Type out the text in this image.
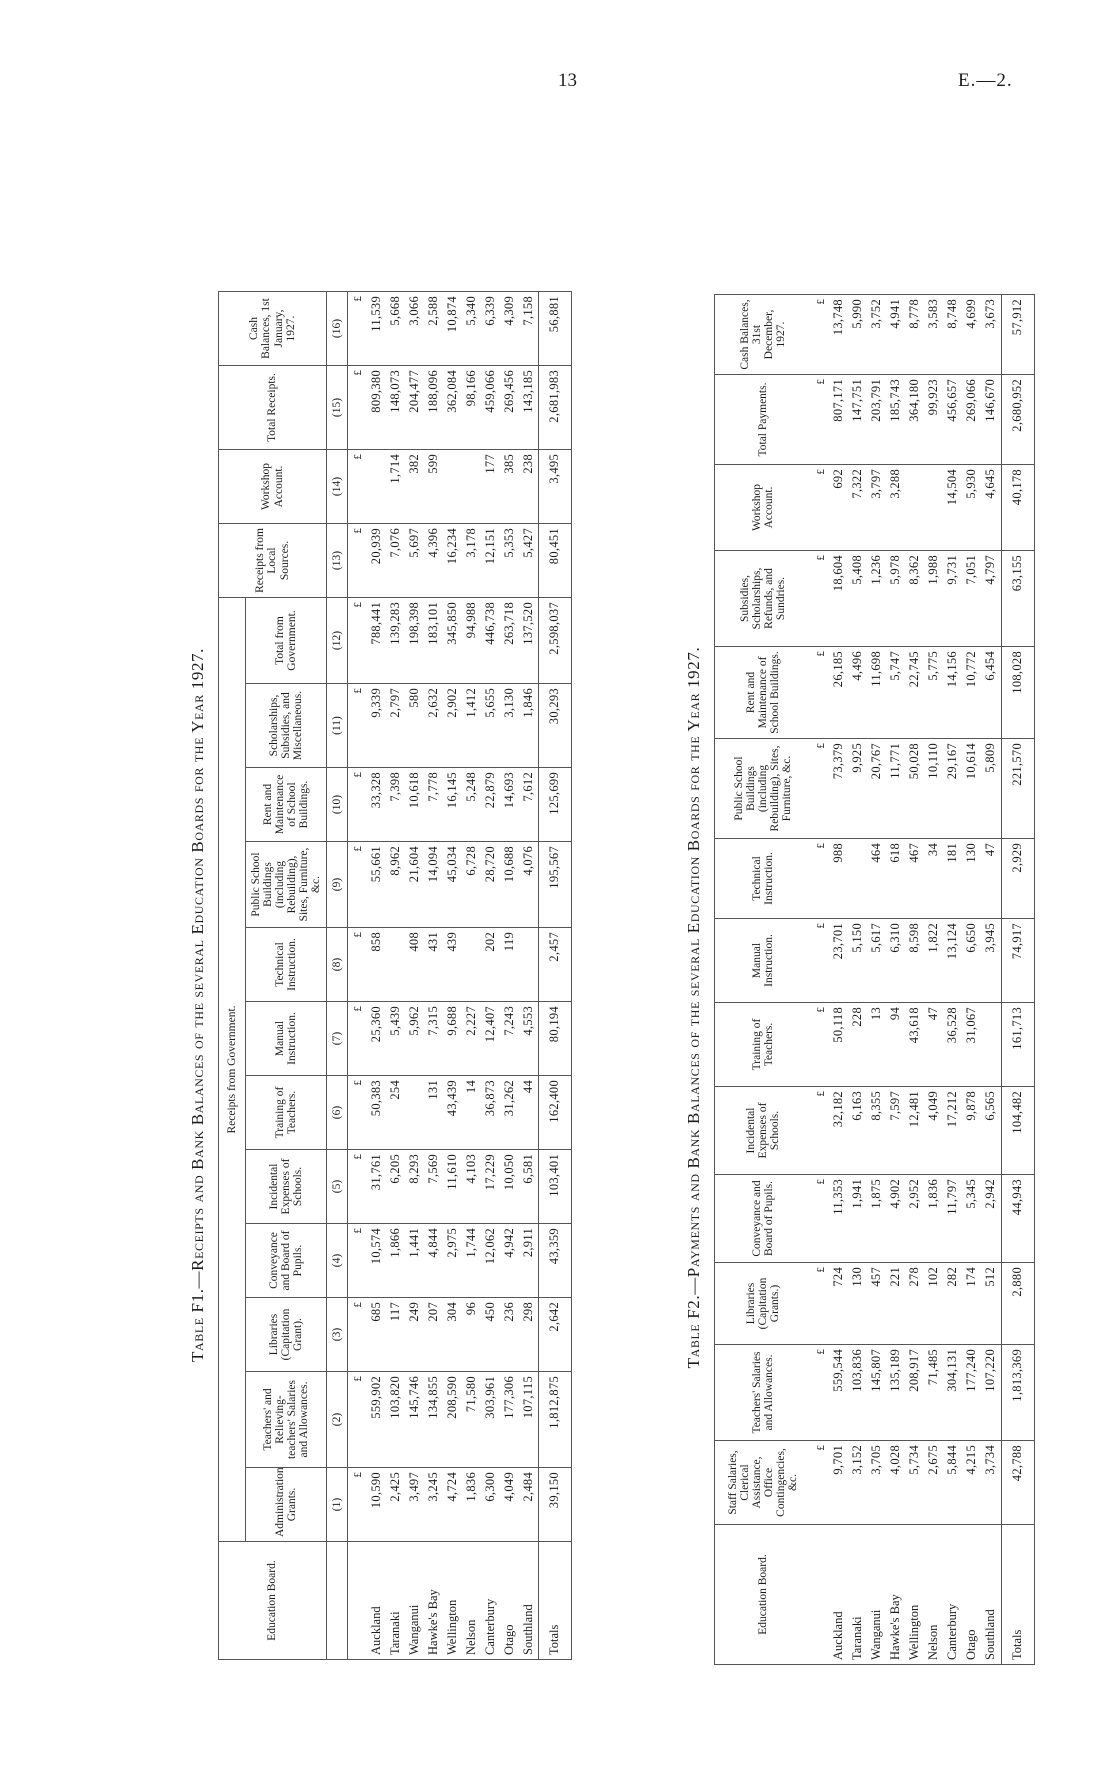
13	E.—2.
Table F1.—Receipts and Bank Balances of the several Education Boards for the Year 1927.
Education Board.	Receipts from Government.												Receipts from Local Sources.	Workshop Account.	Total Receipts.	Cash Balances, 1st January, 1927.
	Administration Grants.	Teachers' and Relieving-teachers' Salaries and Allowances.	Libraries (Capitation Grant).	Conveyance and Board of Pupils.	Incidental Expenses of Schools.	Training of Teachers.	Manual Instruction.	Technical Instruction.	Public School Buildings (including Rebuilding), Sites, Furniture, &c.	Rent and Maintenance of School Buildings.	Scholarships, Subsidies, and Miscellaneous.	Total from Government.				
	(1)	(2)	(3)	(4)	(5)	(6)	(7)	(8)	(9)	(10)	(11)	(12)	(13)	(14)	(15)	(16)
	£	£	£	£	£	£	£	£	£	£	£	£	£	£	£	£
Auckland	10,590	559,902	685	10,574	31,761	50,383	25,360	858	55,661	33,328	9,339	788,441	20,939		809,380	11,539
Taranaki	2,425	103,820	117	1,866	6,205	254	5,439		8,962	7,398	2,797	139,283	7,076	1,714	148,073	5,668
Wanganui	3,497	145,746	249	1,441	8,293		5,962	408	21,604	10,618	580	198,398	5,697	382	204,477	3,066
Hawke's Bay	3,245	134,855	207	4,844	7,569	131	7,315	431	14,094	7,778	2,632	183,101	4,396	599	188,096	2,588
Wellington	4,724	208,590	304	2,975	11,610	43,439	9,688	439	45,034	16,145	2,902	345,850	16,234		362,084	10,874
Nelson	1,836	71,580	96	1,744	4,103	14	2,227		6,728	5,248	1,412	94,988	3,178		98,166	5,340
Canterbury	6,300	303,961	450	12,062	17,229	36,873	12,407	202	28,720	22,879	5,655	446,738	12,151	177	459,066	6,339
Otago	4,049	177,306	236	4,942	10,050	31,262	7,243	119	10,688	14,693	3,130	263,718	5,353	385	269,456	4,309
Southland	2,484	107,115	298	2,911	6,581	44	4,553		4,076	7,612	1,846	137,520	5,427	238	143,185	7,158
Totals	39,150	1,812,875	2,642	43,359	103,401	162,400	80,194	2,457	195,567	125,699	30,293	2,598,037	80,451	3,495	2,681,983	56,881
Table F2.—Payments and Bank Balances of the several Education Boards for the Year 1927.
Education Board.	Staff Salaries, Clerical Assistance, Office Contingencies, &c.	Teachers' Salaries and Allowances.	Libraries (Capitation Grants.)	Conveyance and Board of Pupils.	Incidental Expenses of Schools.	Training of Teachers.	Manual Instruction.	Technical Instruction.	Public School Buildings (including Rebuilding), Sites, Furniture, &c.	Rent and Maintenance of School Buildings.	Subsidies, Scholarships, Refunds, and Sundries.	Workshop Account.	Total Payments.	Cash Balances, 31st December, 1927.
	£	£	£	£	£	£	£	£	£	£	£	£	£	£
Auckland	9,701	559,544	724	11,353	32,182	50,118	23,701	988	73,379	26,185	18,604	692	807,171	13,748
Taranaki	3,152	103,836	130	1,941	6,163	228	5,150		9,925	4,496	5,408	7,322	147,751	5,990
Wanganui	3,705	145,807	457	1,875	8,355	13	5,617	464	20,767	11,698	1,236	3,797	203,791	3,752
Hawke's Bay	4,028	135,189	221	4,902	7,597	94	6,310	618	11,771	5,747	5,978	3,288	185,743	4,941
Wellington	5,734	208,917	278	2,952	12,481	43,618	8,598	467	50,028	22,745	8,362		364,180	8,778
Nelson	2,675	71,485	102	1,836	4,049	47	1,822	34	10,110	5,775	1,988		99,923	3,583
Canterbury	5,844	304,131	282	11,797	17,212	36,528	13,124	181	29,167	14,156	9,731	14,504	456,657	8,748
Otago	4,215	177,240	174	5,345	9,878	31,067	6,650	130	10,614	10,772	7,051	5,930	269,066	4,699
Southland	3,734	107,220	512	2,942	6,565		3,945	47	5,809	6,454	4,797	4,645	146,670	3,673
Totals	42,788	1,813,369	2,880	44,943	104,482	161,713	74,917	2,929	221,570	108,028	63,155	40,178	2,680,952	57,912
